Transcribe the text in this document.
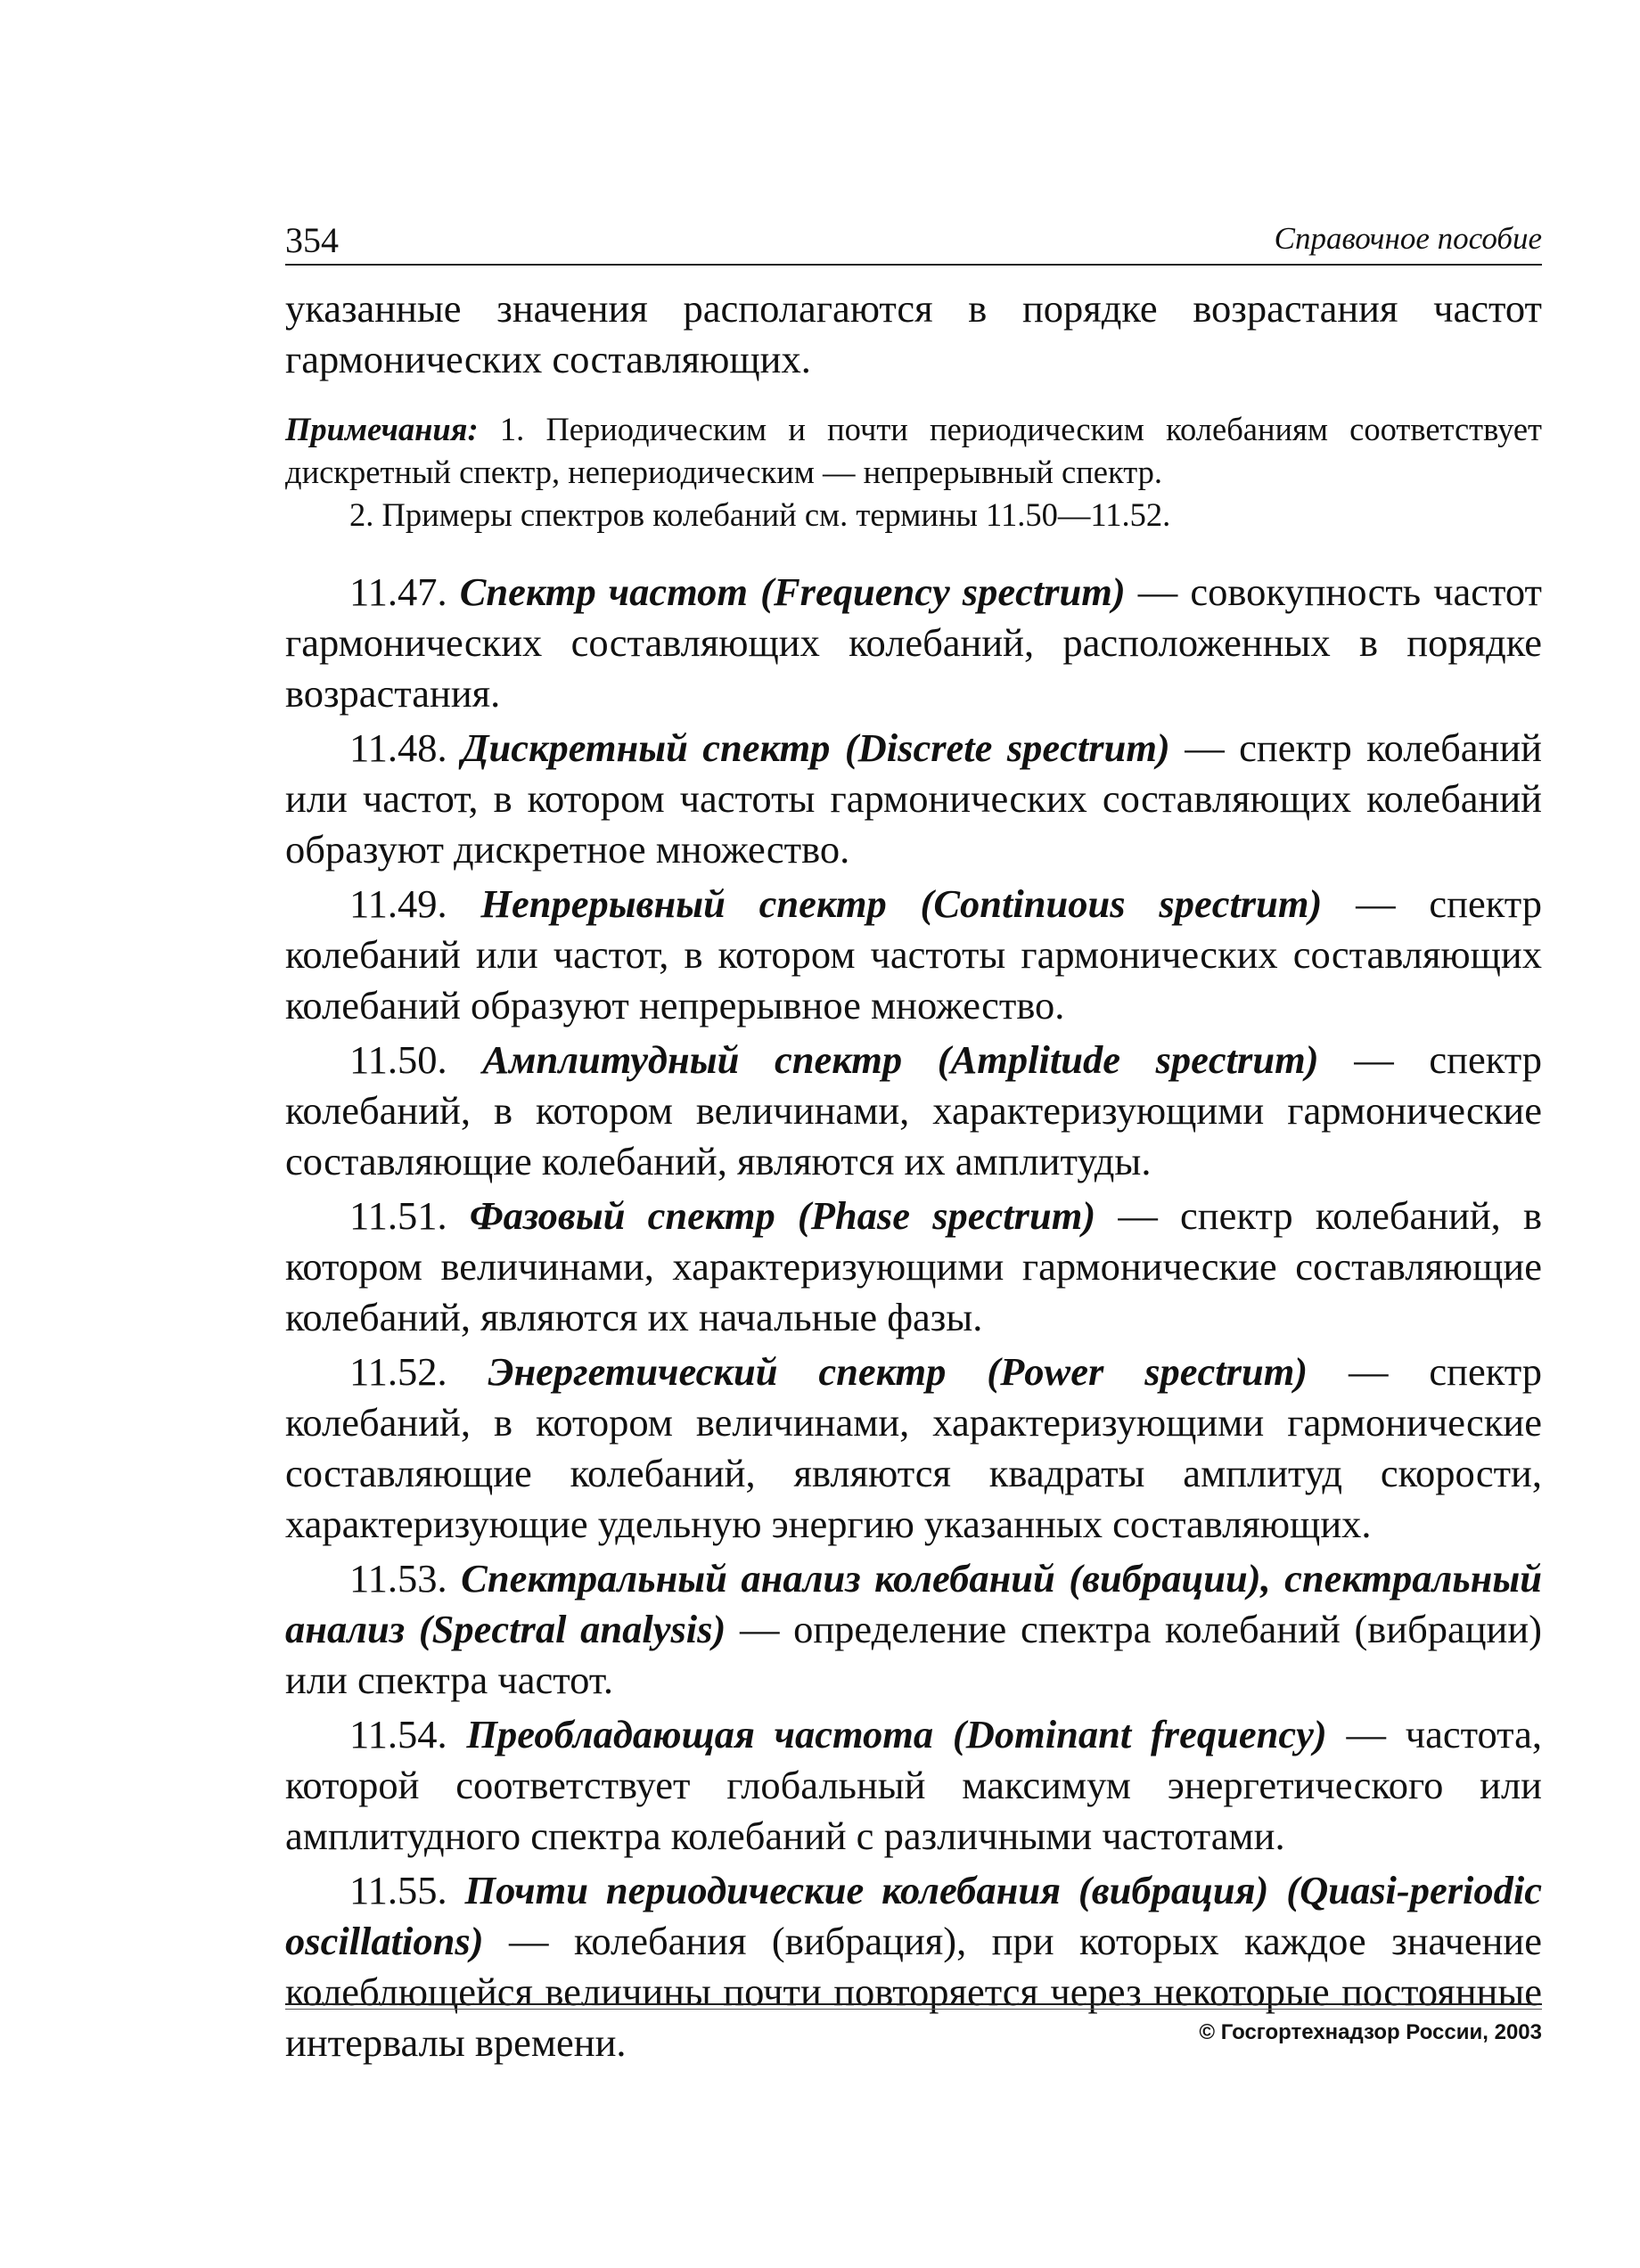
354	Справочное пособие

указанные значения располагаются в порядке возрастания частот гармонических составляющих.

Примечания: 1. Периодическим и почти периодическим колебаниям соответствует дискретный спектр, непериодическим — непрерывный спектр.
2. Примеры спектров колебаний см. термины 11.50—11.52.

11.47. Спектр частот (Frequency spectrum) — совокупность частот гармонических составляющих колебаний, расположенных в порядке возрастания.

11.48. Дискретный спектр (Discrete spectrum) — спектр колебаний или частот, в котором частоты гармонических составляющих колебаний образуют дискретное множество.

11.49. Непрерывный спектр (Continuous spectrum) — спектр колебаний или частот, в котором частоты гармонических составляющих колебаний образуют непрерывное множество.

11.50. Амплитудный спектр (Amplitude spectrum) — спектр колебаний, в котором величинами, характеризующими гармонические составляющие колебаний, являются их амплитуды.

11.51. Фазовый спектр (Phase spectrum) — спектр колебаний, в котором величинами, характеризующими гармонические составляющие колебаний, являются их начальные фазы.

11.52. Энергетический спектр (Power spectrum) — спектр колебаний, в котором величинами, характеризующими гармонические составляющие колебаний, являются квадраты амплитуд скорости, характеризующие удельную энергию указанных составляющих.

11.53. Спектральный анализ колебаний (вибрации), спектральный анализ (Spectral analysis) — определение спектра колебаний (вибрации) или спектра частот.

11.54. Преобладающая частота (Dominant frequency) — частота, которой соответствует глобальный максимум энергетического или амплитудного спектра колебаний с различными частотами.

11.55. Почти периодические колебания (вибрация) (Quasi-periodic oscillations) — колебания (вибрация), при которых каждое значение колеблющейся величины почти повторяется через некоторые постоянные интервалы времени.	© Госгортехнадзор России, 2003
